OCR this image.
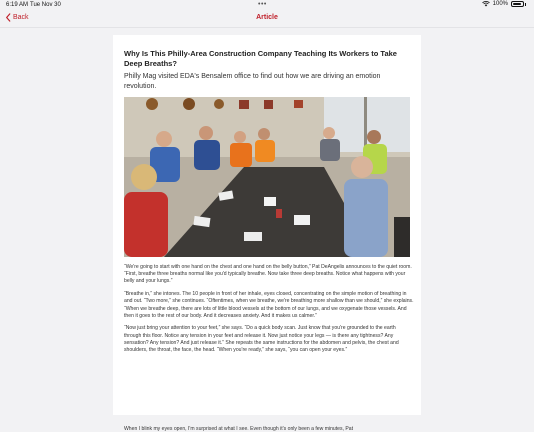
6:19 AM Tue Nov 30	•••	100%
Back	Article
Why Is This Philly-Area Construction Company Teaching Its Workers to Take Deep Breaths?
Philly Mag visited EDA's Bensalem office to find out how we are driving an emotion revolution.

“We're going to start with one hand on the chest and one hand on the belly button,” Pat DeAngelis announces to the quiet room. “First, breathe three breaths normal like you'd typically breathe. Now take three deep breaths. Notice what happens with your belly and your lungs.”

“Breathe in,” she intones. The 10 people in front of her inhale, eyes closed, concentrating on the simple motion of breathing in and out. “Two more,” she continues. “Oftentimes, when we breathe, we're breathing more shallow than we should,” she explains. “When we breathe deep, there are lots of little blood vessels at the bottom of our lungs, and we oxygenate those vessels. And then it goes to the rest of our body. And it decreases anxiety. And it makes us calmer.”

“Now just bring your attention to your feet,” she says. “Do a quick body scan. Just know that you're grounded to the earth through this floor. Notice any tension in your feet and release it. Now just notice your legs — is there any tightness? Any sensation? Any tension? And just release it.” She repeats the same instructions for the abdomen and pelvis, the chest and shoulders, the throat, the face, the head. “When you're ready,” she says, “you can open your eyes.”

When I blink my eyes open, I'm surprised at what I see. Even though it's only been a few minutes, Pat
